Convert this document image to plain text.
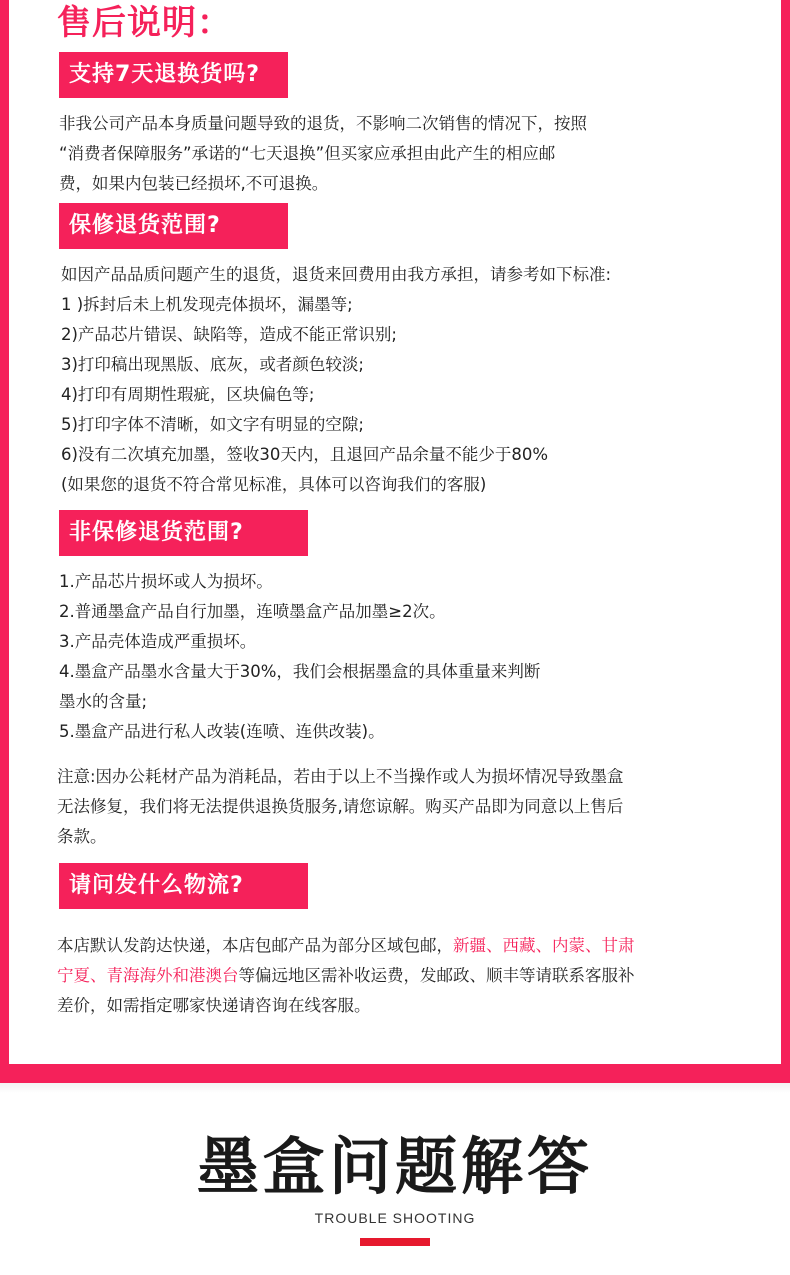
售后说明：
支持7天退换货吗?
非我公司产品本身质量问题导致的退货，不影响二次销售的情况下，按照
“消费者保障服务”承诺的“七天退换”但买家应承担由此产生的相应邮
费，如果内包装已经损坏,不可退换。
保修退货范围?
如因产品品质问题产生的退货，退货来回费用由我方承担，请参考如下标准:
1 )拆封后未上机发现壳体损坏，漏墨等;
2)产品芯片错误、缺陷等，造成不能正常识别;
3)打印稿出现黑版、底灰，或者颜色较淡;
4)打印有周期性瑕疵，区块偏色等;
5)打印字体不清晰，如文字有明显的空隙;
6)没有二次填充加墨，签收30天内，且退回产品余量不能少于80%
(如果您的退货不符合常见标准，具体可以咨询我们的客服)
非保修退货范围?
1.产品芯片损坏或人为损坏。
2.普通墨盒产品自行加墨，连喷墨盒产品加墨≥2次。
3.产品壳体造成严重损坏。
4.墨盒产品墨水含量大于30%，我们会根据墨盒的具体重量来判断
墨水的含量;
5.墨盒产品进行私人改装(连喷、连供改装)。
注意:因办公耗材产品为消耗品，若由于以上不当操作或人为损坏情况导致墨盒
无法修复，我们将无法提供退换货服务,请您谅解。购买产品即为同意以上售后
条款。
请问发什么物流?
本店默认发韵达快递，本店包邮产品为部分区域包邮，新疆、西藏、内蒙、甘肃
宁夏、青海海外和港澳台等偏远地区需补收运费，发邮政、顺丰等请联系客服补
差价，如需指定哪家快递请咨询在线客服。
墨盒问题解答
TROUBLE SHOOTING
